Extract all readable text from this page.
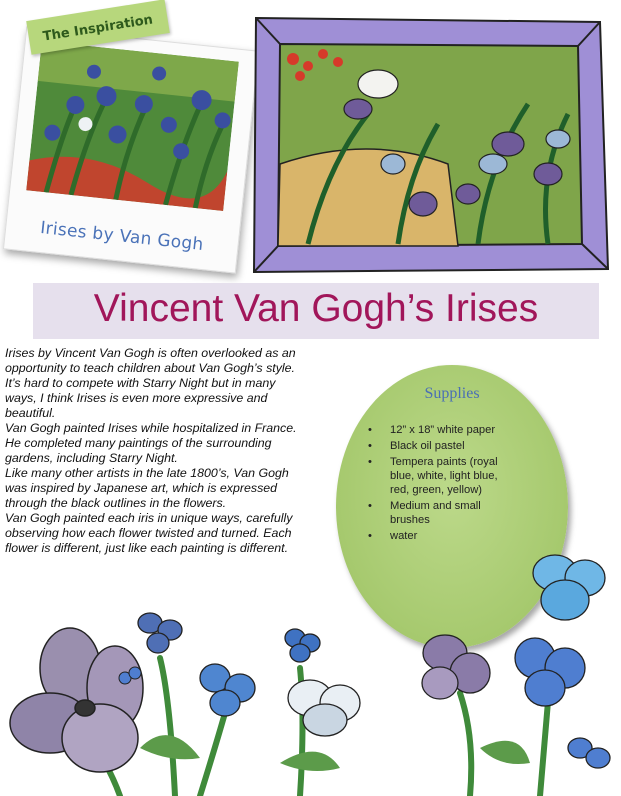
Irises by Van Gogh
The Inspiration
Vincent Van Gogh’s Irises

Irises by Vincent Van Gogh is often overlooked as an opportunity to teach children about Van Gogh’s style. It’s hard to compete with Starry Night but in many ways, I think Irises is even more expressive and beautiful.

Van Gogh painted Irises while hospitalized in France. He completed many paintings of the surrounding gardens, including Starry Night.

Like many other artists in the late 1800’s, Van Gogh was inspired by Japanese art, which is expressed through the black outlines in the flowers.

Van Gogh painted each iris in unique ways, carefully observing how each flower twisted and turned. Each flower is different, just like each painting is different.

Supplies
• 12” x 18” white paper
• Black oil pastel
• Tempera paints (royal blue, white, light blue, red, green, yellow)
• Medium and small brushes
• water
